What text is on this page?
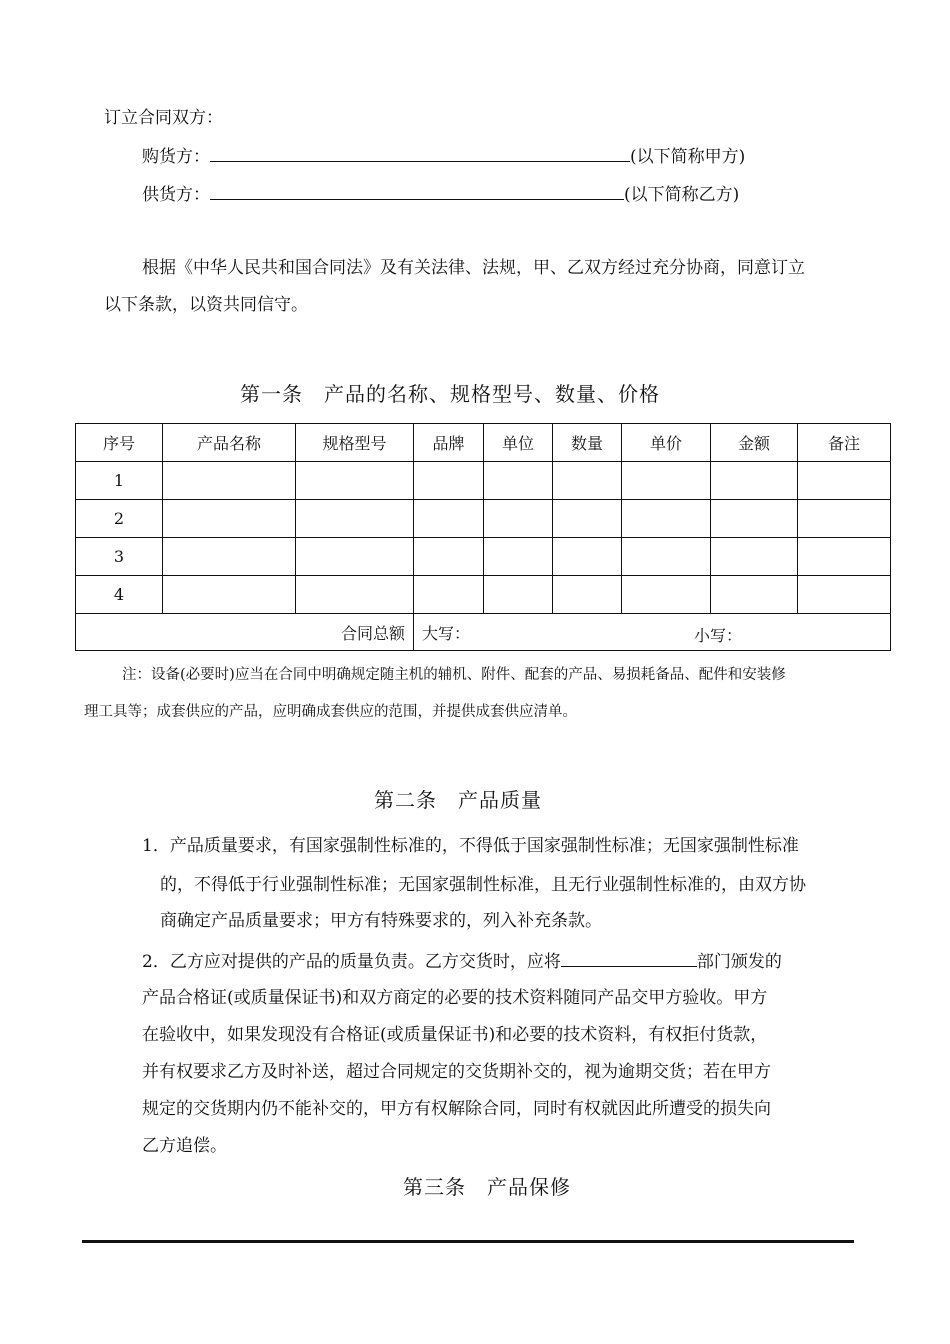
订立合同双方：
购货方：	(以下简称甲方)
供货方：	(以下简称乙方)
根据《中华人民共和国合同法》及有关法律、法规，甲、乙双方经过充分协商，同意订立
以下条款，以资共同信守。
第一条　产品的名称、规格型号、数量、价格
序号	产品名称	规格型号	品牌	单位	数量	单价	金额	备注
1								
2								
3								
4								
合同总额			大写： 小写：					
注：设备(必要时)应当在合同中明确规定随主机的辅机、附件、配套的产品、易损耗备品、配件和安装修
理工具等；成套供应的产品，应明确成套供应的范围，并提供成套供应清单。
第二条　产品质量
1．产品质量要求，有国家强制性标准的，不得低于国家强制性标准；无国家强制性标准
的，不得低于行业强制性标准；无国家强制性标准，且无行业强制性标准的，由双方协
商确定产品质量要求；甲方有特殊要求的，列入补充条款。
2．乙方应对提供的产品的质量负责。乙方交货时，应将	部门颁发的
产品合格证(或质量保证书)和双方商定的必要的技术资料随同产品交甲方验收。甲方
在验收中，如果发现没有合格证(或质量保证书)和必要的技术资料，有权拒付货款，
并有权要求乙方及时补送，超过合同规定的交货期补交的，视为逾期交货；若在甲方
规定的交货期内仍不能补交的，甲方有权解除合同，同时有权就因此所遭受的损失向
乙方追偿。
第三条　产品保修
